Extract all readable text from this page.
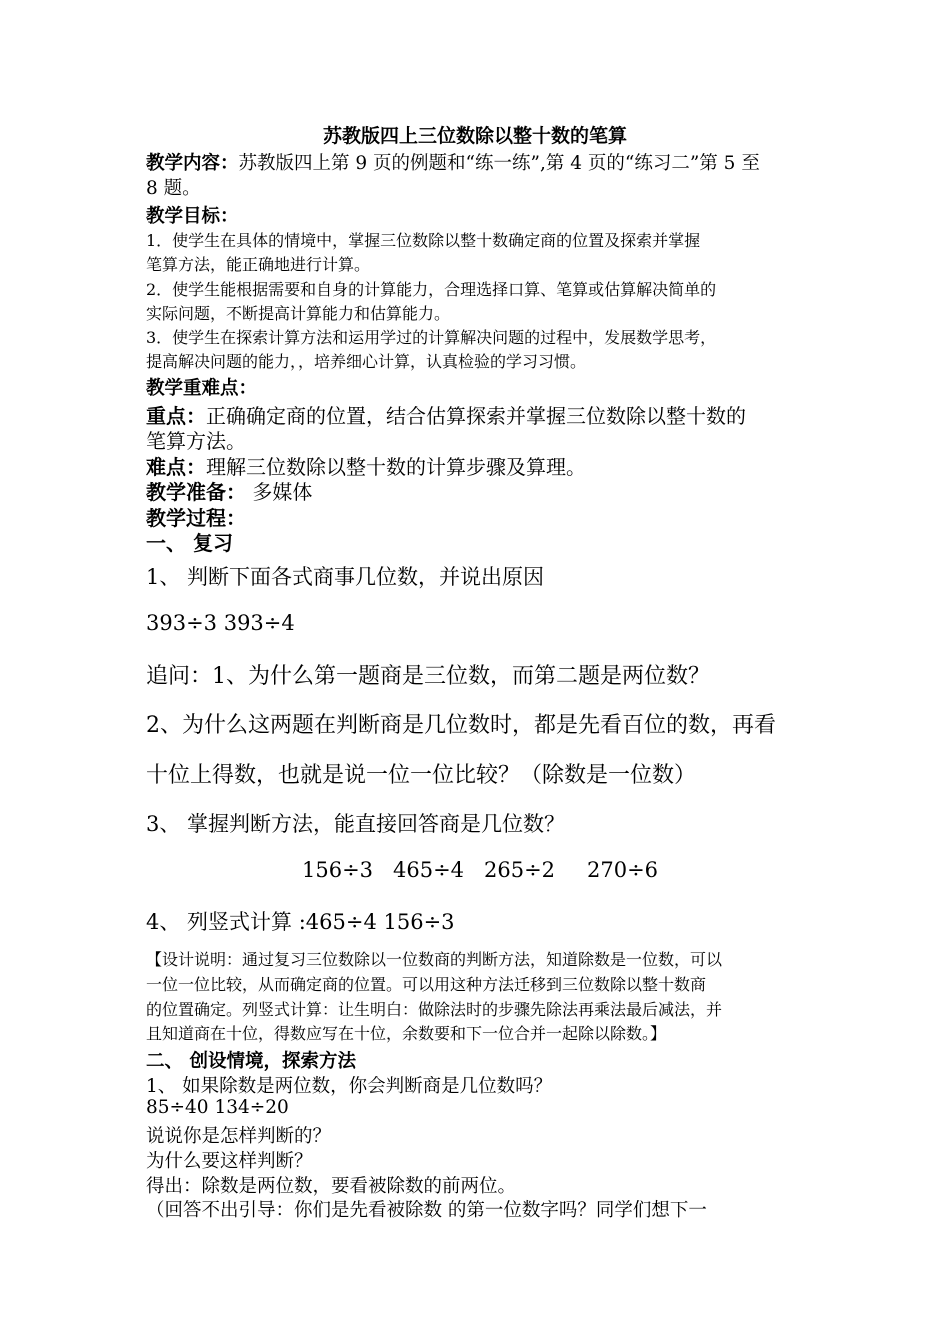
苏教版四上三位数除以整十数的笔算
教学内容：苏教版四上第 9 页的例题和“练一练”,第 4 页的“练习二”第 5 至
8 题。
教学目标：
1．使学生在具体的情境中，掌握三位数除以整十数确定商的位置及探索并掌握
笔算方法，能正确地进行计算。
2．使学生能根据需要和自身的计算能力，合理选择口算、笔算或估算解决简单的
实际问题，不断提高计算能力和估算能力。
3．使学生在探索计算方法和运用学过的计算解决问题的过程中，发展数学思考，
提高解决问题的能力，，培养细心计算，认真检验的学习习惯。
教学重难点：
重点：正确确定商的位置，结合估算探索并掌握三位数除以整十数的
笔算方法。
难点：理解三位数除以整十数的计算步骤及算理。
教学准备： 多媒体
教学过程：
一、 复习
1、 判断下面各式商事几位数，并说出原因
393÷3 393÷4
追问：1、为什么第一题商是三位数，而第二题是两位数？
2、为什么这两题在判断商是几位数时，都是先看百位的数，再看
十位上得数，也就是说一位一位比较？（除数是一位数）
3、 掌握判断方法，能直接回答商是几位数？
156÷3 465÷4 265÷2 270÷6
4、 列竖式计算 :465÷4 156÷3
【设计说明：通过复习三位数除以一位数商的判断方法，知道除数是一位数，可以
一位一位比较，从而确定商的位置。可以用这种方法迁移到三位数除以整十数商
的位置确定。列竖式计算：让生明白：做除法时的步骤先除法再乘法最后减法，并
且知道商在十位，得数应写在十位，余数要和下一位合并一起除以除数。】
二、 创设情境，探索方法
1、 如果除数是两位数，你会判断商是几位数吗？
85÷40 134÷20
说说你是怎样判断的？
为什么要这样判断？
得出：除数是两位数，要看被除数的前两位。
（回答不出引导：你们是先看被除数 的第一位数字吗？同学们想下一
